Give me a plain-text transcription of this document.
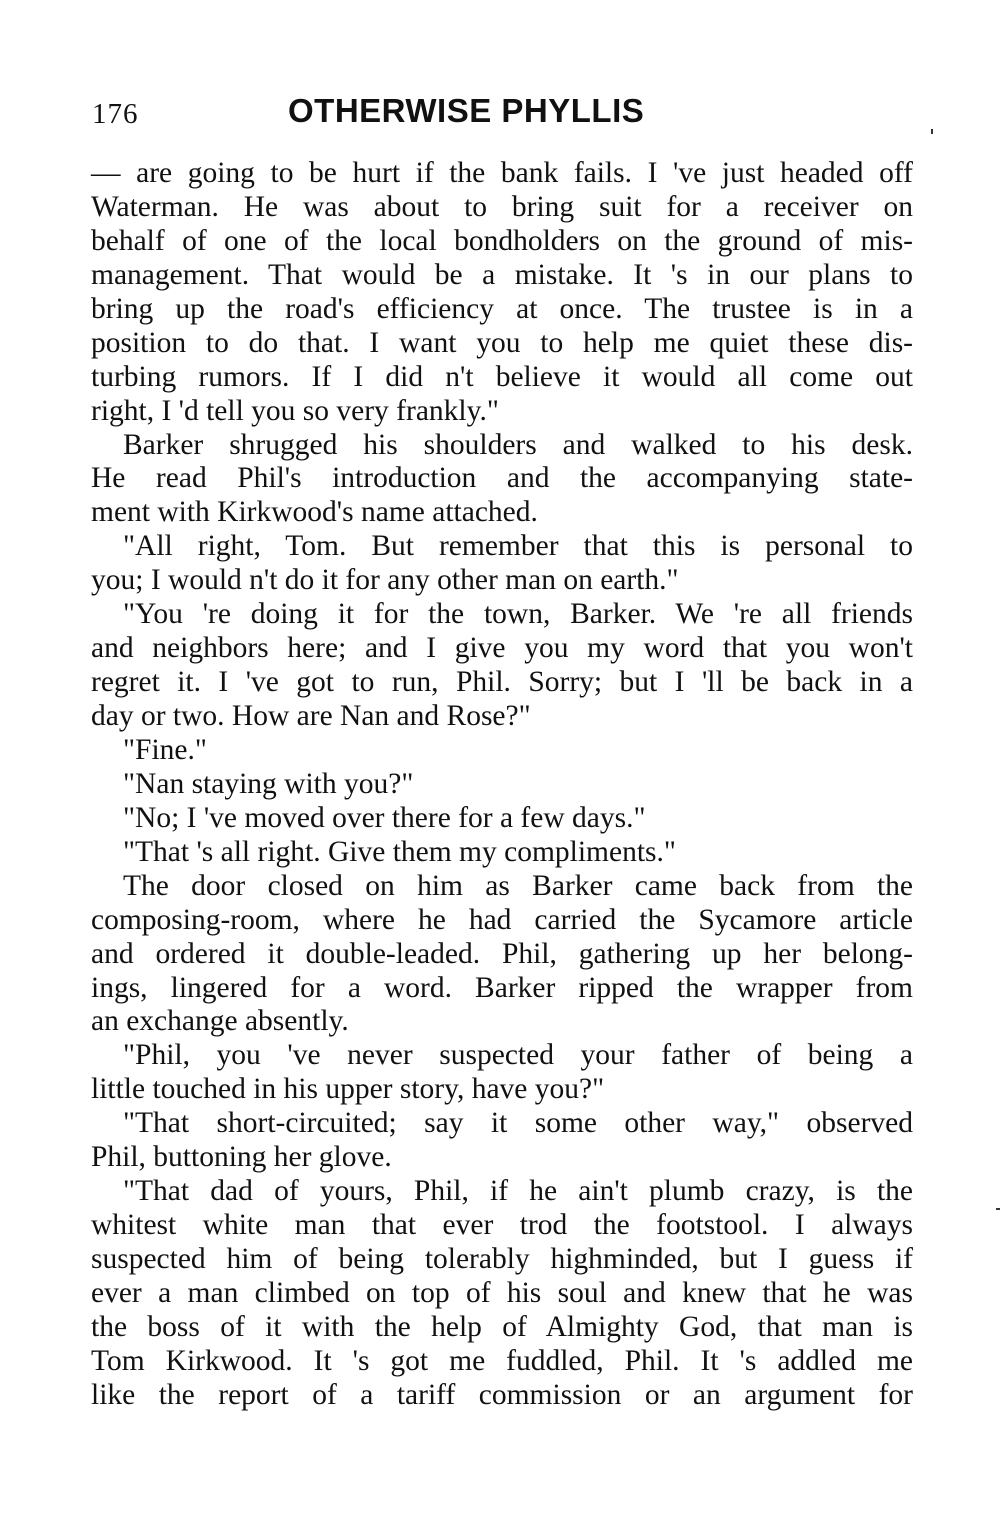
176	OTHERWISE PHYLLIS
— are going to be hurt if the bank fails. I 've just headed off
Waterman. He was about to bring suit for a receiver on
behalf of one of the local bondholders on the ground of mis-
management. That would be a mistake. It 's in our plans to
bring up the road's efficiency at once. The trustee is in a
position to do that. I want you to help me quiet these dis-
turbing rumors. If I did n't believe it would all come out
right, I 'd tell you so very frankly."
Barker shrugged his shoulders and walked to his desk.
He read Phil's introduction and the accompanying state-
ment with Kirkwood's name attached.
"All right, Tom. But remember that this is personal to
you; I would n't do it for any other man on earth."
"You 're doing it for the town, Barker. We 're all friends
and neighbors here; and I give you my word that you won't
regret it. I 've got to run, Phil. Sorry; but I 'll be back in a
day or two. How are Nan and Rose?"
"Fine."
"Nan staying with you?"
"No; I 've moved over there for a few days."
"That 's all right. Give them my compliments."
The door closed on him as Barker came back from the
composing-room, where he had carried the Sycamore article
and ordered it double-leaded. Phil, gathering up her belong-
ings, lingered for a word. Barker ripped the wrapper from
an exchange absently.
"Phil, you 've never suspected your father of being a
little touched in his upper story, have you?"
"That short-circuited; say it some other way," observed
Phil, buttoning her glove.
"That dad of yours, Phil, if he ain't plumb crazy, is the
whitest white man that ever trod the footstool. I always
suspected him of being tolerably highminded, but I guess if
ever a man climbed on top of his soul and knew that he was
the boss of it with the help of Almighty God, that man is
Tom Kirkwood. It 's got me fuddled, Phil. It 's addled me
like the report of a tariff commission or an argument for
